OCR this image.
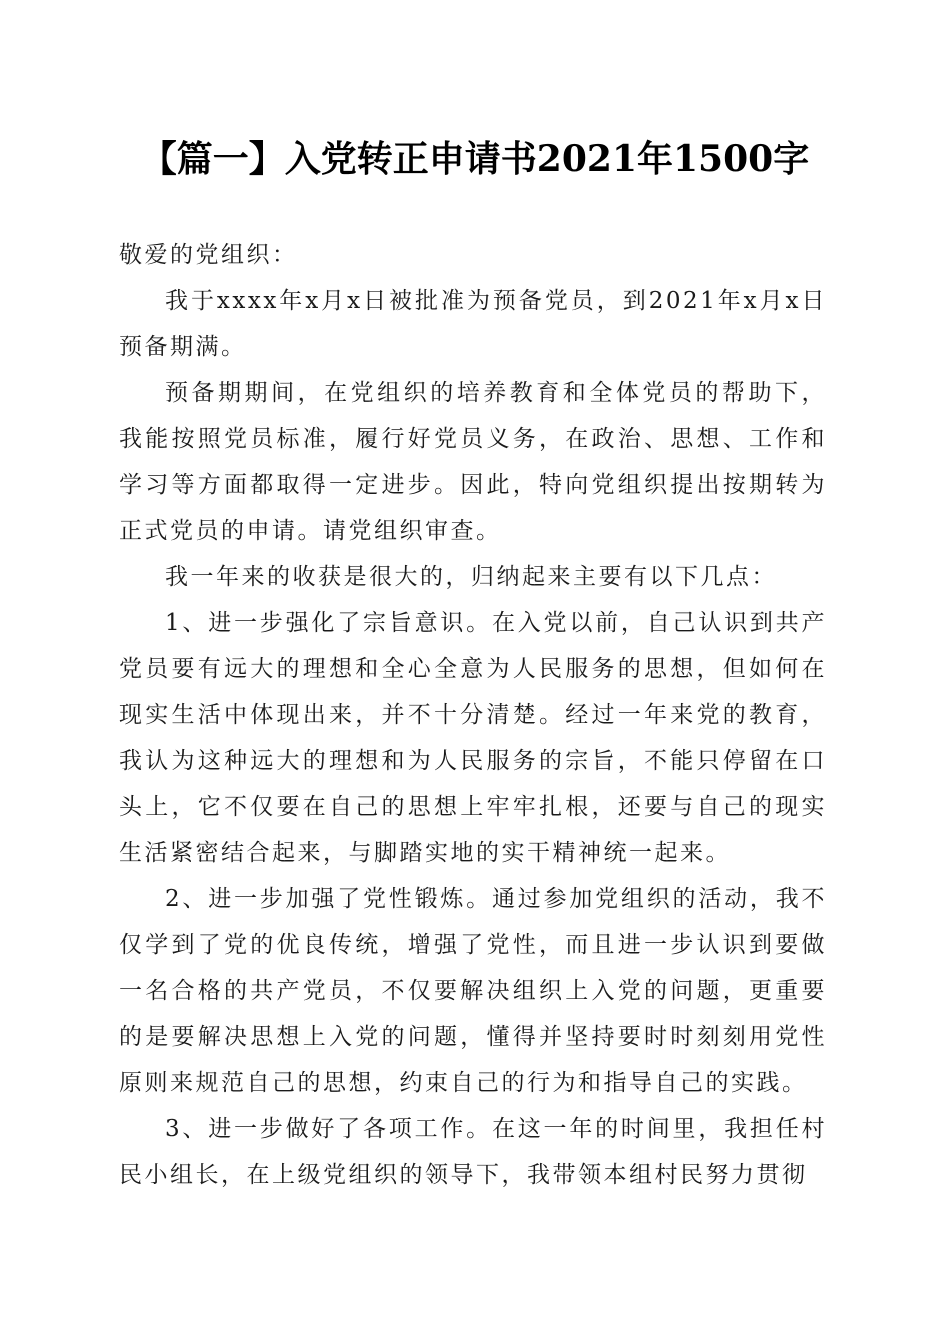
【篇一】入党转正申请书2021年1500字

敬爱的党组织：

我于xxxx年x月x日被批准为预备党员，到2021年x月x日预备期满。

预备期期间，在党组织的培养教育和全体党员的帮助下，我能按照党员标准，履行好党员义务，在政治、思想、工作和学习等方面都取得一定进步。因此，特向党组织提出按期转为正式党员的申请。请党组织审查。

我一年来的收获是很大的，归纳起来主要有以下几点：

1、进一步强化了宗旨意识。在入党以前，自己认识到共产党员要有远大的理想和全心全意为人民服务的思想，但如何在现实生活中体现出来，并不十分清楚。经过一年来党的教育，我认为这种远大的理想和为人民服务的宗旨，不能只停留在口头上，它不仅要在自己的思想上牢牢扎根，还要与自己的现实生活紧密结合起来，与脚踏实地的实干精神统一起来。

2、进一步加强了党性锻炼。通过参加党组织的活动，我不仅学到了党的优良传统，增强了党性，而且进一步认识到要做一名合格的共产党员，不仅要解决组织上入党的问题，更重要的是要解决思想上入党的问题，懂得并坚持要时时刻刻用党性原则来规范自己的思想，约束自己的行为和指导自己的实践。

3、进一步做好了各项工作。在这一年的时间里，我担任村民小组长，在上级党组织的领导下，我带领本组村民努力贯彻
